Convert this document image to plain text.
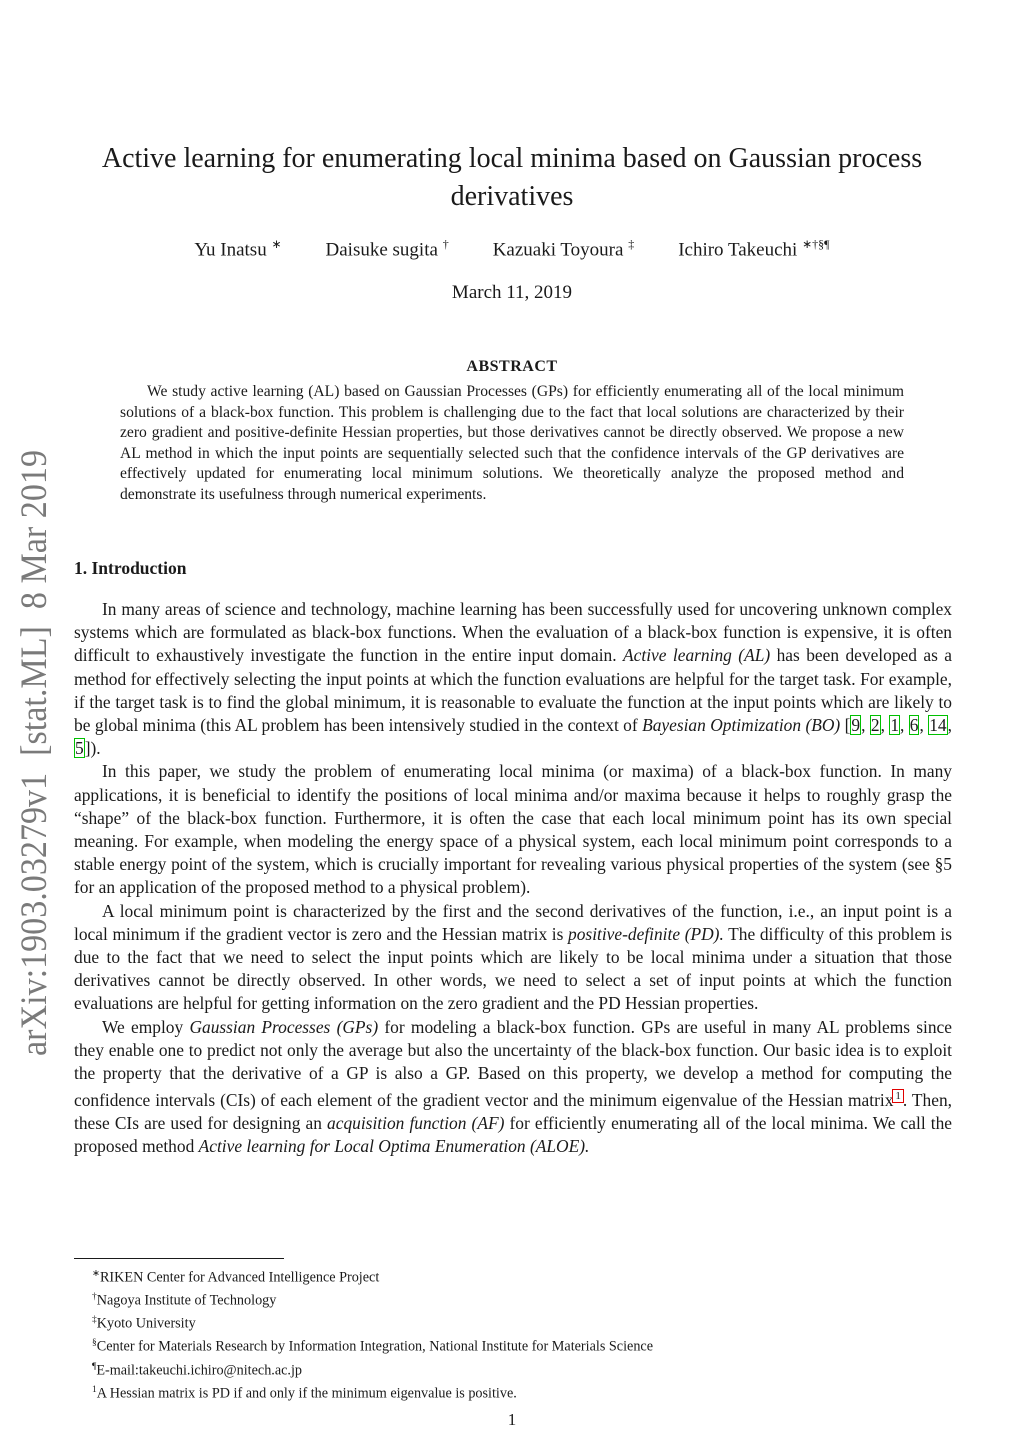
arXiv:1903.03279v1  [stat.ML]  8 Mar 2019
Active learning for enumerating local minima based on Gaussian process derivatives
Yu Inatsu ∗ Daisuke sugita † Kazuaki Toyoura ‡ Ichiro Takeuchi ∗†§¶
March 11, 2019
ABSTRACT
We study active learning (AL) based on Gaussian Processes (GPs) for efficiently enumerating all of the local minimum solutions of a black-box function. This problem is challenging due to the fact that local solutions are characterized by their zero gradient and positive-definite Hessian properties, but those derivatives cannot be directly observed. We propose a new AL method in which the input points are sequentially selected such that the confidence intervals of the GP derivatives are effectively updated for enumerating local minimum solutions. We theoretically analyze the proposed method and demonstrate its usefulness through numerical experiments.
1. Introduction

In many areas of science and technology, machine learning has been successfully used for uncovering unknown complex systems which are formulated as black-box functions. When the evaluation of a black-box function is expensive, it is often difficult to exhaustively investigate the function in the entire input domain. Active learning (AL) has been developed as a method for effectively selecting the input points at which the function evaluations are helpful for the target task. For example, if the target task is to find the global minimum, it is reasonable to evaluate the function at the input points which are likely to be global minima (this AL problem has been intensively studied in the context of Bayesian Optimization (BO) [9, 2, 1, 6, 14, 5]).

In this paper, we study the problem of enumerating local minima (or maxima) of a black-box function. In many applications, it is beneficial to identify the positions of local minima and/or maxima because it helps to roughly grasp the “shape” of the black-box function. Furthermore, it is often the case that each local minimum point has its own special meaning. For example, when modeling the energy space of a physical system, each local minimum point corresponds to a stable energy point of the system, which is crucially important for revealing various physical properties of the system (see §5 for an application of the proposed method to a physical problem).

A local minimum point is characterized by the first and the second derivatives of the function, i.e., an input point is a local minimum if the gradient vector is zero and the Hessian matrix is positive-definite (PD). The difficulty of this problem is due to the fact that we need to select the input points which are likely to be local minima under a situation that those derivatives cannot be directly observed. In other words, we need to select a set of input points at which the function evaluations are helpful for getting information on the zero gradient and the PD Hessian properties.

We employ Gaussian Processes (GPs) for modeling a black-box function. GPs are useful in many AL problems since they enable one to predict not only the average but also the uncertainty of the black-box function. Our basic idea is to exploit the property that the derivative of a GP is also a GP. Based on this property, we develop a method for computing the confidence intervals (CIs) of each element of the gradient vector and the minimum eigenvalue of the Hessian matrix $^1$ . Then, these CIs are used for designing an acquisition function (AF) for efficiently enumerating all of the local minima. We call the proposed method Active learning for Local Optima Enumeration (ALOE).

∗RIKEN Center for Advanced Intelligence Project
†Nagoya Institute of Technology
‡Kyoto University
§Center for Materials Research by Information Integration, National Institute for Materials Science
¶E-mail:takeuchi.ichiro@nitech.ac.jp
$^1$A Hessian matrix is PD if and only if the minimum eigenvalue is positive.
1
